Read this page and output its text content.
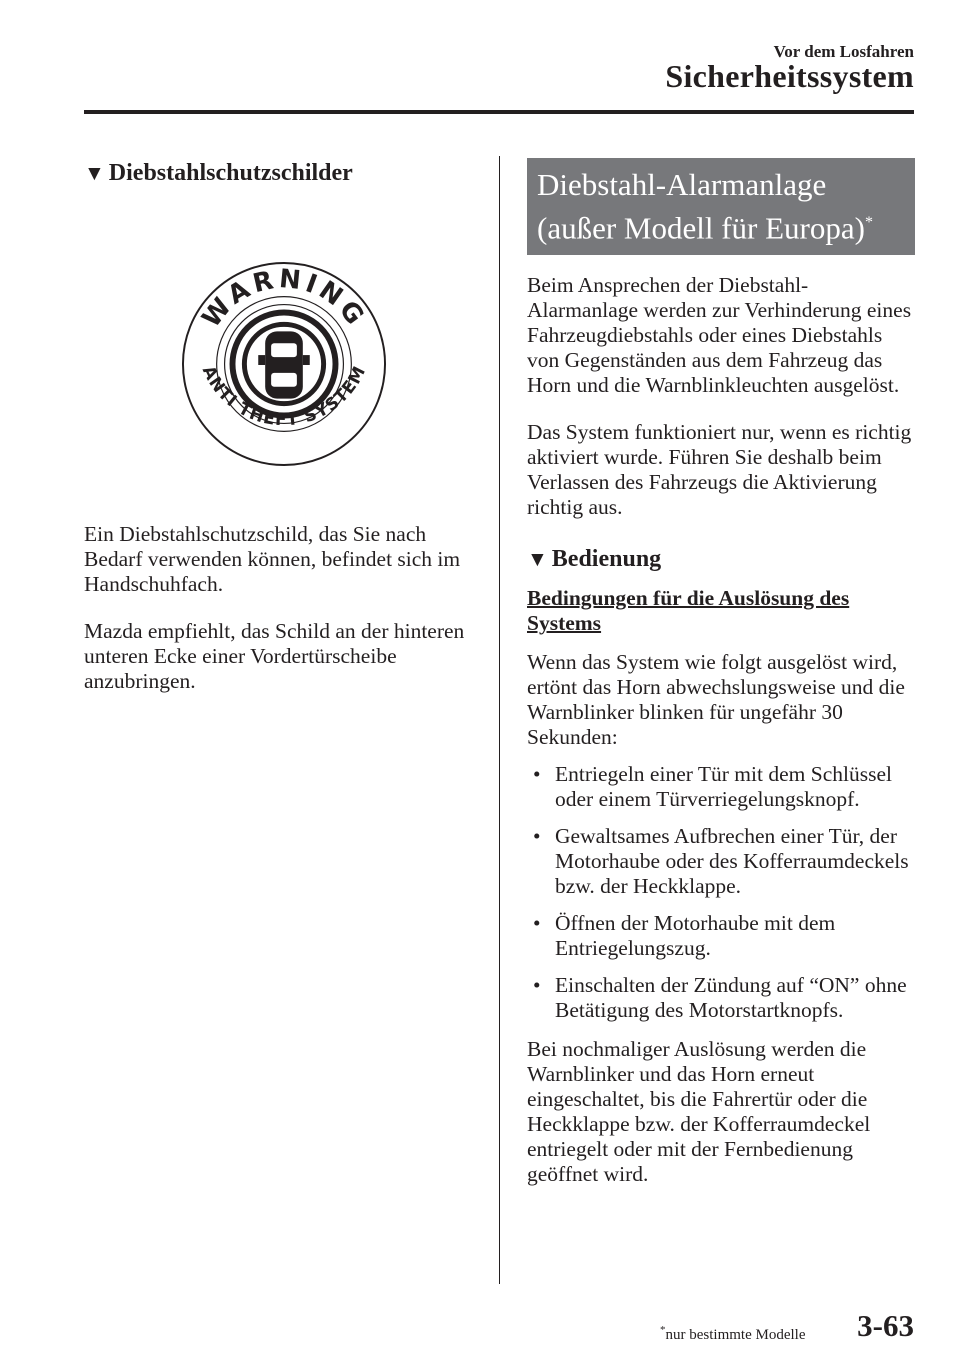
Vor dem Losfahren
Sicherheitssystem
▼ Diebstahlschutzschilder
WARNING
ANTI THEFT SYSTEM

Ein Diebstahlschutzschild, das Sie nach Bedarf verwenden können, befindet sich im Handschuhfach.

Mazda empfiehlt, das Schild an der hinteren unteren Ecke einer Vordertürscheibe anzubringen.

Diebstahl-Alarmanlage
(außer Modell für Europa)*

Beim Ansprechen der Diebstahl-Alarmanlage werden zur Verhinderung eines Fahrzeugdiebstahls oder eines Diebstahls von Gegenständen aus dem Fahrzeug das Horn und die Warnblinkleuchten ausgelöst.

Das System funktioniert nur, wenn es richtig aktiviert wurde. Führen Sie deshalb beim Verlassen des Fahrzeugs die Aktivierung richtig aus.

▼ Bedienung

Bedingungen für die Auslösung des Systems

Wenn das System wie folgt ausgelöst wird, ertönt das Horn abwechslungsweise und die Warnblinker blinken für ungefähr 30 Sekunden:

• Entriegeln einer Tür mit dem Schlüssel oder einem Türverriegelungsknopf.
• Gewaltsames Aufbrechen einer Tür, der Motorhaube oder des Kofferraumdeckels bzw. der Heckklappe.
• Öffnen der Motorhaube mit dem Entriegelungszug.
• Einschalten der Zündung auf “ON” ohne Betätigung des Motorstartknopfs.

Bei nochmaliger Auslösung werden die Warnblinker und das Horn erneut eingeschaltet, bis die Fahrertür oder die Heckklappe bzw. der Kofferraumdeckel entriegelt oder mit der Fernbedienung geöffnet wird.

*nur bestimmte Modelle 3-63
